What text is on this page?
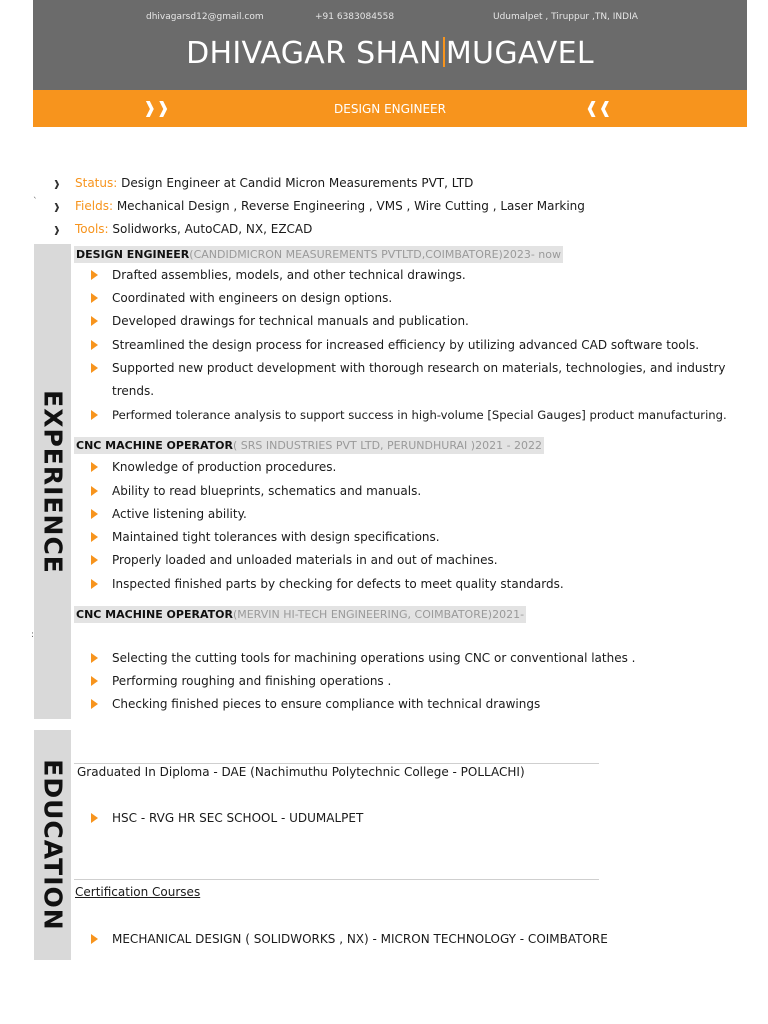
dhivagarsd12@gmail.com	+91 6383084558	Udumalpet , Tiruppur ,TN, INDIA
DHIVAGAR SHAN MUGAVEL
❱❱	DESIGN ENGINEER	❰❰
`
❱ Status: Design Engineer at Candid Micron Measurements PVT, LTD
❱ Fields: Mechanical Design , Reverse Engineering , VMS , Wire Cutting , Laser Marking
❱ Tools: Solidworks, AutoCAD, NX, EZCAD
EXPERIENCE
DESIGN ENGINEER(CANDIDMICRON MEASUREMENTS PVTLTD,COIMBATORE)2023- now
Drafted assemblies, models, and other technical drawings.
Coordinated with engineers on design options.
Developed drawings for technical manuals and publication.
Streamlined the design process for increased efficiency by utilizing advanced CAD software tools.
Supported new product development with thorough research on materials, technologies, and industry
trends.
Performed tolerance analysis to support success in high-volume [Special Gauges] product manufacturing.
CNC MACHINE OPERATOR( SRS INDUSTRIES PVT LTD, PERUNDHURAI )2021 - 2022
Knowledge of production procedures.
Ability to read blueprints, schematics and manuals.
Active listening ability.
Maintained tight tolerances with design specifications.
Properly loaded and unloaded materials in and out of machines.
Inspected finished parts by checking for defects to meet quality standards.
CNC MACHINE OPERATOR(MERVIN HI-TECH ENGINEERING, COIMBATORE)2021-
:
Selecting the cutting tools for machining operations using CNC or conventional lathes .
Performing roughing and finishing operations .
Checking finished pieces to ensure compliance with technical drawings
EDUCATION Graduated In Diploma - DAE (Nachimuthu Polytechnic College - POLLACHI)
HSC - RVG HR SEC SCHOOL - UDUMALPET
Certification Courses
MECHANICAL DESIGN ( SOLIDWORKS , NX) - MICRON TECHNOLOGY - COIMBATORE
